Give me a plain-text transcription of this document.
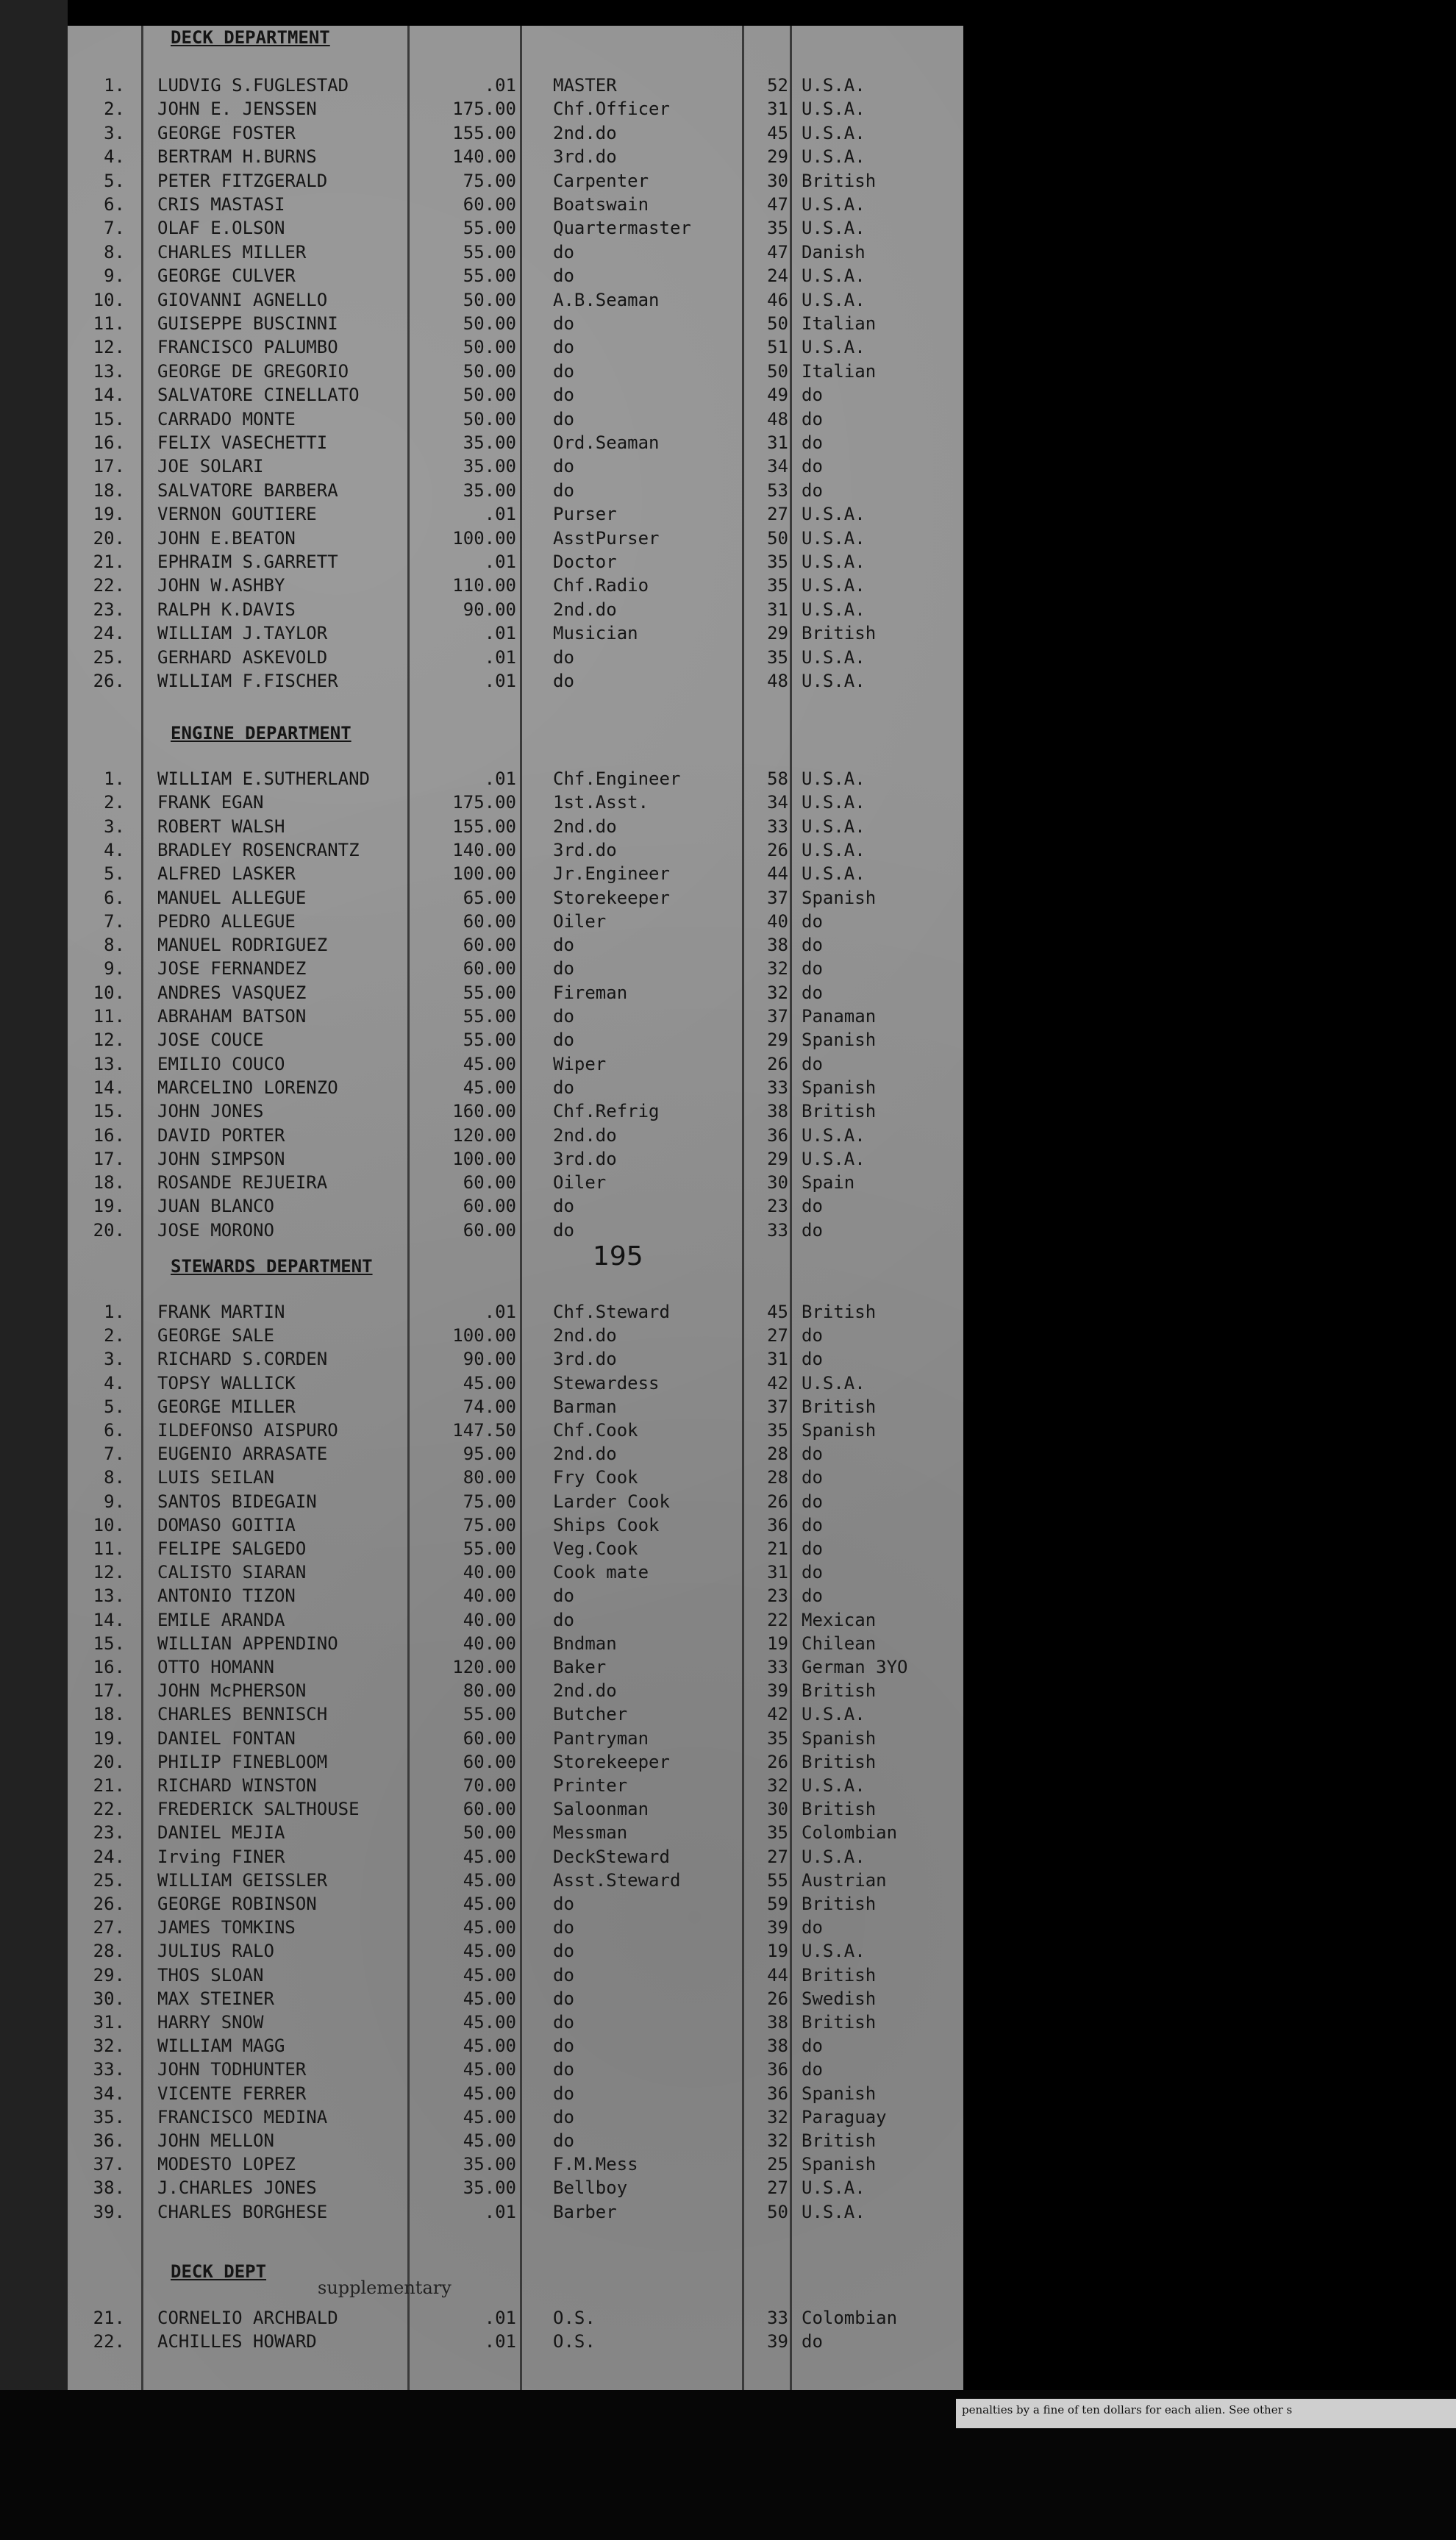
195
supplementary
DECK DEPARTMENT
1. LUDVIG S.FUGLESTAD	.01 MASTER	52 U.S.A.
2. JOHN E. JENSSEN	175.00 Chf.Officer	31 U.S.A.
3. GEORGE FOSTER	155.00 2nd.do	45 U.S.A.
4. BERTRAM H.BURNS	140.00 3rd.do	29 U.S.A.
5. PETER FITZGERALD	75.00 Carpenter	30 British
6. CRIS MASTASI	60.00 Boatswain	47 U.S.A.
7. OLAF E.OLSON	55.00 Quartermaster	35 U.S.A.
8. CHARLES MILLER	55.00 do	47 Danish
9. GEORGE CULVER	55.00 do	24 U.S.A.
10. GIOVANNI AGNELLO	50.00 A.B.Seaman	46 U.S.A.
11. GUISEPPE BUSCINNI	50.00 do	50 Italian
12. FRANCISCO PALUMBO	50.00 do	51 U.S.A.
13. GEORGE DE GREGORIO	50.00 do	50 Italian
14. SALVATORE CINELLATO	50.00 do	49 do
15. CARRADO MONTE	50.00 do	48 do
16. FELIX VASECHETTI	35.00 Ord.Seaman	31 do
17. JOE SOLARI	35.00 do	34 do
18. SALVATORE BARBERA	35.00 do	53 do
19. VERNON GOUTIERE	.01 Purser	27 U.S.A.
20. JOHN E.BEATON	100.00 AsstPurser	50 U.S.A.
21. EPHRAIM S.GARRETT	.01 Doctor	35 U.S.A.
22. JOHN W.ASHBY	110.00 Chf.Radio	35 U.S.A.
23. RALPH K.DAVIS	90.00 2nd.do	31 U.S.A.
24. WILLIAM J.TAYLOR	.01 Musician	29 British
25. GERHARD ASKEVOLD	.01 do	35 U.S.A.
26. WILLIAM F.FISCHER	.01 do	48 U.S.A.
ENGINE DEPARTMENT
1. WILLIAM E.SUTHERLAND	.01 Chf.Engineer	58 U.S.A.
2. FRANK EGAN	175.00 1st.Asst.	34 U.S.A.
3. ROBERT WALSH	155.00 2nd.do	33 U.S.A.
4. BRADLEY ROSENCRANTZ	140.00 3rd.do	26 U.S.A.
5. ALFRED LASKER	100.00 Jr.Engineer	44 U.S.A.
6. MANUEL ALLEGUE	65.00 Storekeeper	37 Spanish
7. PEDRO ALLEGUE	60.00 Oiler	40 do
8. MANUEL RODRIGUEZ	60.00 do	38 do
9. JOSE FERNANDEZ	60.00 do	32 do
10. ANDRES VASQUEZ	55.00 Fireman	32 do
11. ABRAHAM BATSON	55.00 do	37 Panaman
12. JOSE COUCE	55.00 do	29 Spanish
13. EMILIO COUCO	45.00 Wiper	26 do
14. MARCELINO LORENZO	45.00 do	33 Spanish
15. JOHN JONES	160.00 Chf.Refrig	38 British
16. DAVID PORTER	120.00 2nd.do	36 U.S.A.
17. JOHN SIMPSON	100.00 3rd.do	29 U.S.A.
18. ROSANDE REJUEIRA	60.00 Oiler	30 Spain
19. JUAN BLANCO	60.00 do	23 do
20. JOSE MORONO	60.00 do	33 do
STEWARDS DEPARTMENT
1. FRANK MARTIN	.01 Chf.Steward	45 British
2. GEORGE SALE	100.00 2nd.do	27 do
3. RICHARD S.CORDEN	90.00 3rd.do	31 do
4. TOPSY WALLICK	45.00 Stewardess	42 U.S.A.
5. GEORGE MILLER	74.00 Barman	37 British
6. ILDEFONSO AISPURO	147.50 Chf.Cook	35 Spanish
7. EUGENIO ARRASATE	95.00 2nd.do	28 do
8. LUIS SEILAN	80.00 Fry Cook	28 do
9. SANTOS BIDEGAIN	75.00 Larder Cook	26 do
10. DOMASO GOITIA	75.00 Ships Cook	36 do
11. FELIPE SALGEDO	55.00 Veg.Cook	21 do
12. CALISTO SIARAN	40.00 Cook mate	31 do
13. ANTONIO TIZON	40.00 do	23 do
14. EMILE ARANDA	40.00 do	22 Mexican
15. WILLIAN APPENDINO	40.00 Bndman	19 Chilean
16. OTTO HOMANN	120.00 Baker	33 German 3YO
17. JOHN McPHERSON	80.00 2nd.do	39 British
18. CHARLES BENNISCH	55.00 Butcher	42 U.S.A.
19. DANIEL FONTAN	60.00 Pantryman	35 Spanish
20. PHILIP FINEBLOOM	60.00 Storekeeper	26 British
21. RICHARD WINSTON	70.00 Printer	32 U.S.A.
22. FREDERICK SALTHOUSE	60.00 Saloonman	30 British
23. DANIEL MEJIA	50.00 Messman	35 Colombian
24. Irving FINER	45.00 DeckSteward	27 U.S.A.
25. WILLIAM GEISSLER	45.00 Asst.Steward	55 Austrian
26. GEORGE ROBINSON	45.00 do	59 British
27. JAMES TOMKINS	45.00 do	39 do
28. JULIUS RALO	45.00 do	19 U.S.A.
29. THOS SLOAN	45.00 do	44 British
30. MAX STEINER	45.00 do	26 Swedish
31. HARRY SNOW	45.00 do	38 British
32. WILLIAM MAGG	45.00 do	38 do
33. JOHN TODHUNTER	45.00 do	36 do
34. VICENTE FERRER	45.00 do	36 Spanish
35. FRANCISCO MEDINA	45.00 do	32 Paraguay
36. JOHN MELLON	45.00 do	32 British
37. MODESTO LOPEZ	35.00 F.M.Mess	25 Spanish
38. J.CHARLES JONES	35.00 Bellboy	27 U.S.A.
39. CHARLES BORGHESE	.01 Barber	50 U.S.A.
DECK DEPT
21. CORNELIO ARCHBALD	.01 O.S.	33 Colombian
22. ACHILLES HOWARD	.01 O.S.	39 do
penalties by a fine of ten dollars for each alien. See other s
